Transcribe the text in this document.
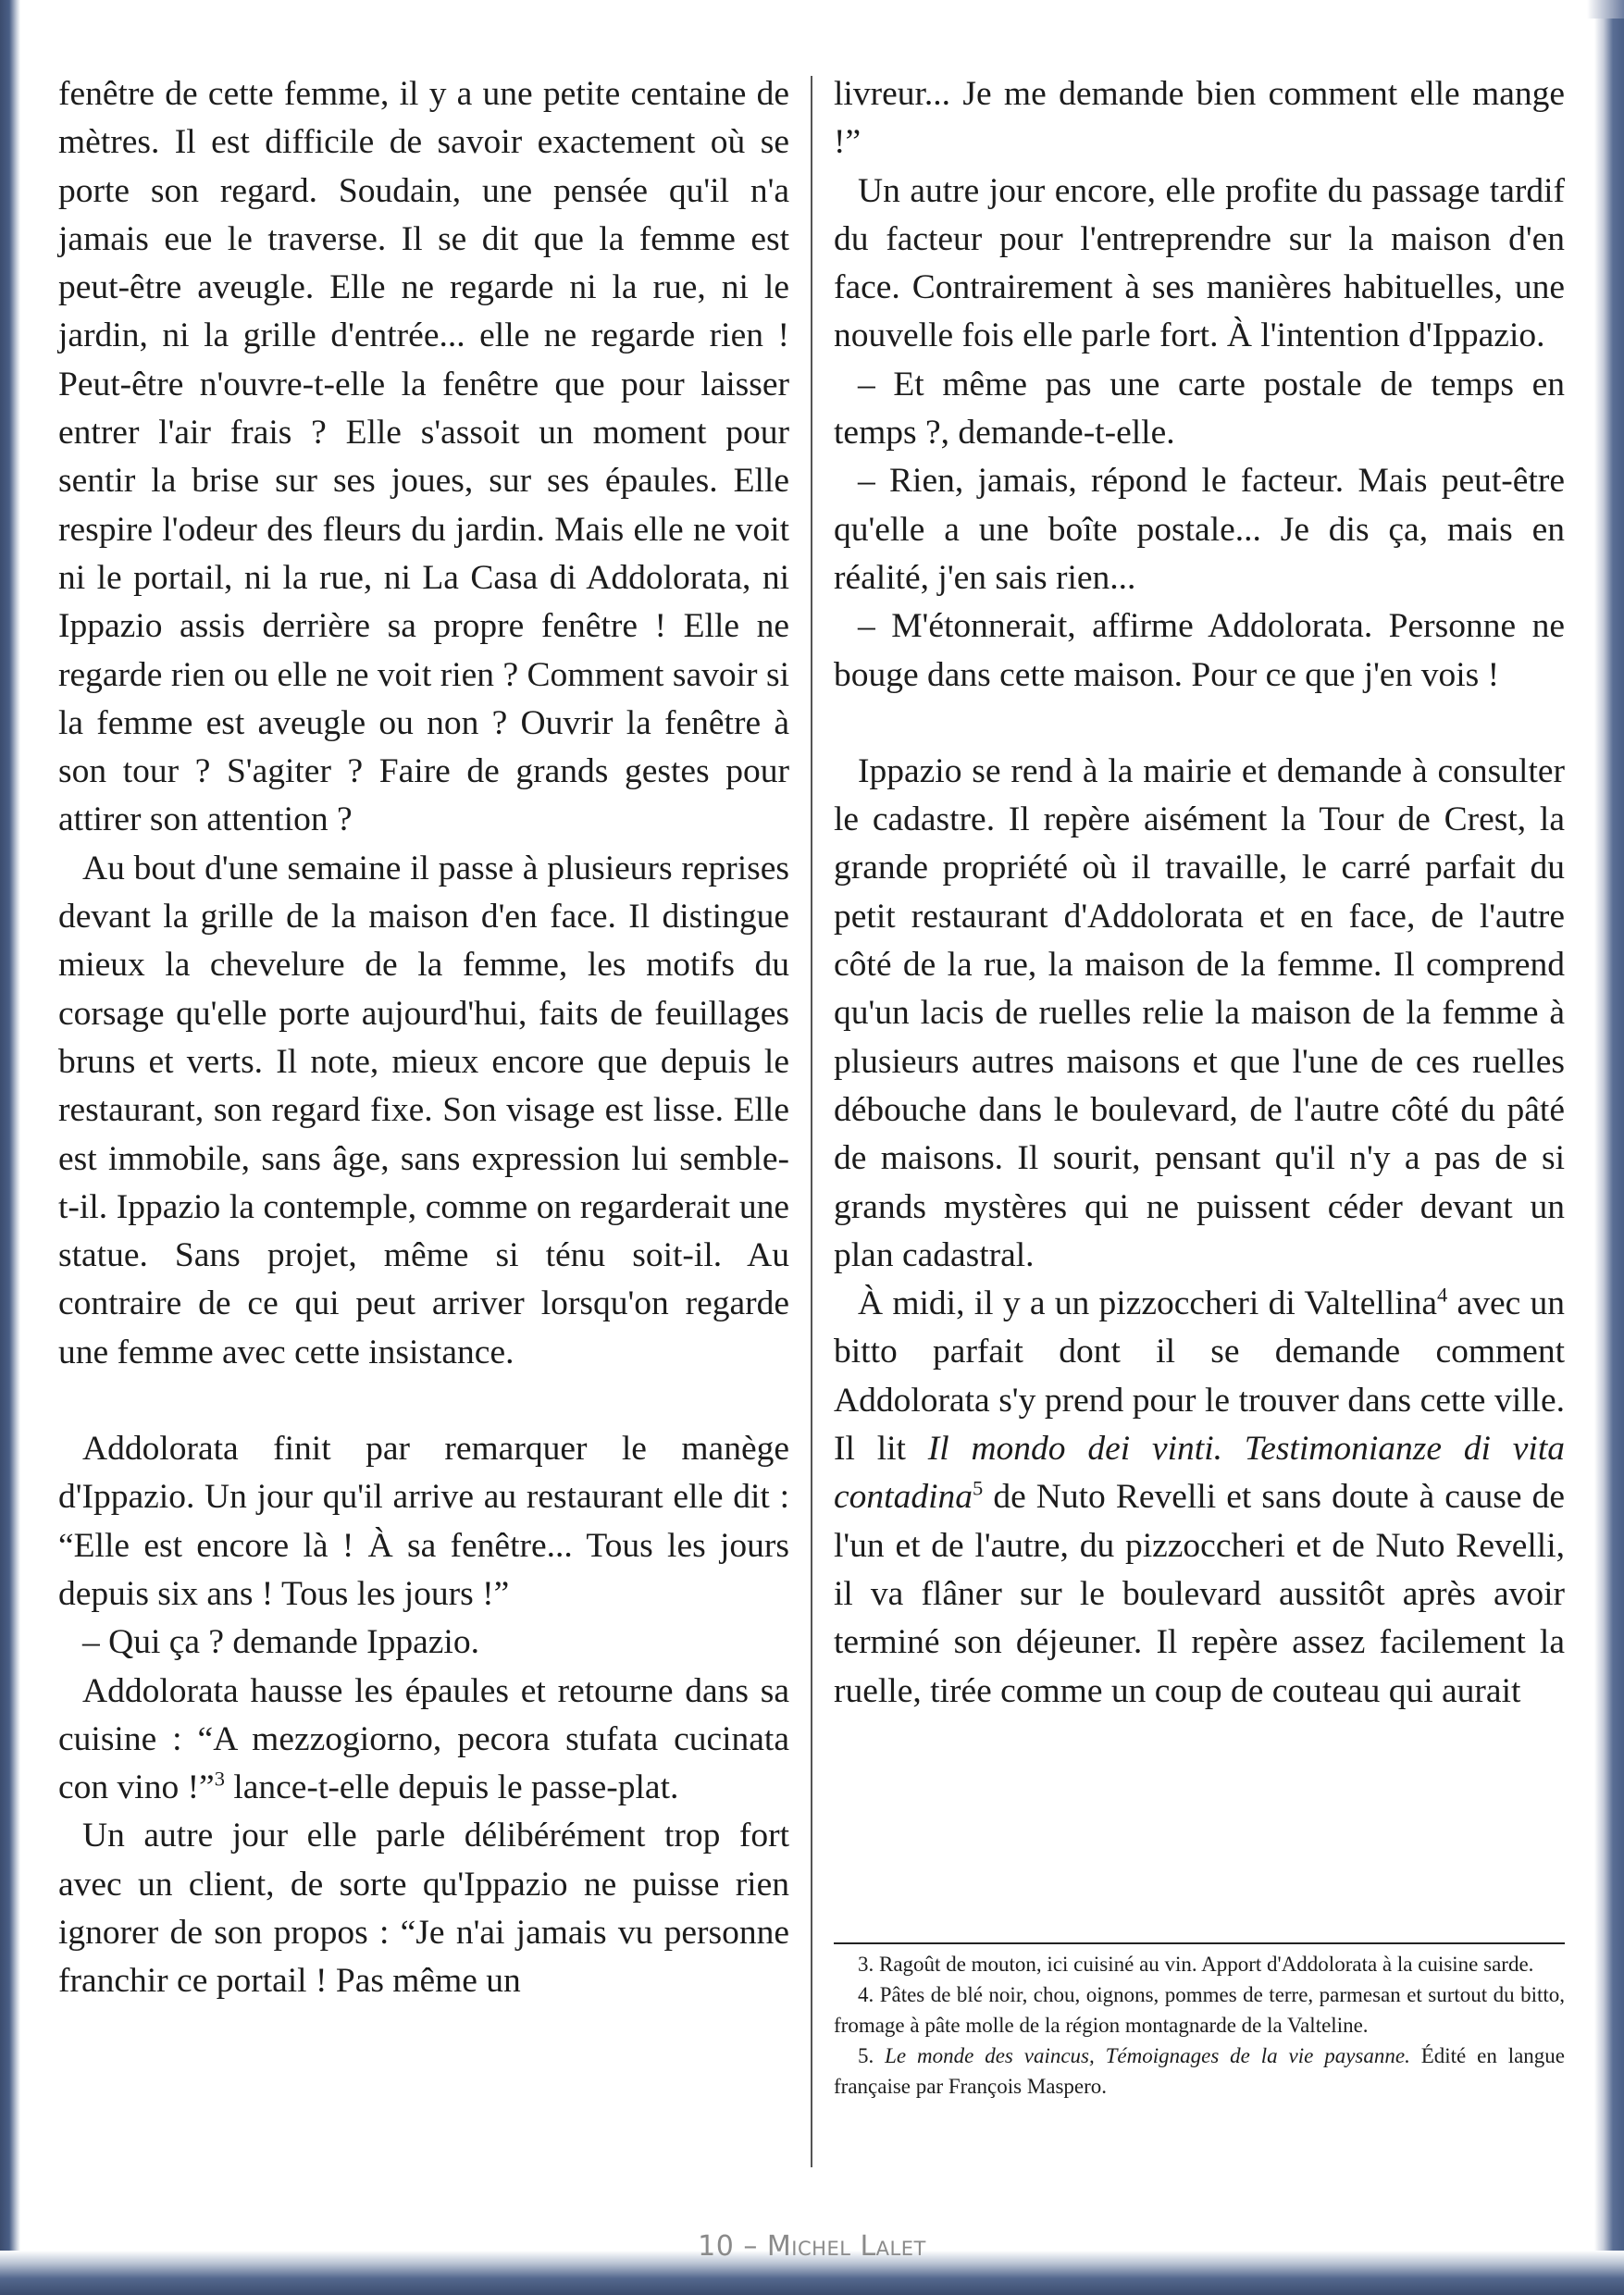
fenêtre de cette femme, il y a une petite centaine de mètres. Il est difficile de savoir exactement où se porte son regard. Soudain, une pensée qu'il n'a jamais eue le traverse. Il se dit que la femme est peut-être aveugle. Elle ne regarde ni la rue, ni le jardin, ni la grille d'entrée... elle ne regarde rien ! Peut-être n'ouvre-t-elle la fenêtre que pour laisser entrer l'air frais ? Elle s'assoit un moment pour sentir la brise sur ses joues, sur ses épaules. Elle respire l'odeur des fleurs du jardin. Mais elle ne voit ni le portail, ni la rue, ni La Casa di Addolorata, ni Ippazio assis derrière sa propre fenêtre ! Elle ne regarde rien ou elle ne voit rien ? Comment savoir si la femme est aveugle ou non ? Ouvrir la fenêtre à son tour ? S'agiter ? Faire de grands gestes pour attirer son attention ?

Au bout d'une semaine il passe à plusieurs reprises devant la grille de la maison d'en face. Il distingue mieux la chevelure de la femme, les motifs du corsage qu'elle porte aujourd'hui, faits de feuillages bruns et verts. Il note, mieux encore que depuis le restaurant, son regard fixe. Son visage est lisse. Elle est immobile, sans âge, sans expression lui semble-t-il. Ippazio la contemple, comme on regarderait une statue. Sans projet, même si ténu soit-il. Au contraire de ce qui peut arriver lorsqu'on regarde une femme avec cette insistance.

Addolorata finit par remarquer le manège d'Ippazio. Un jour qu'il arrive au restaurant elle dit : “Elle est encore là ! À sa fenêtre... Tous les jours depuis six ans ! Tous les jours !”

– Qui ça ? demande Ippazio.

Addolorata hausse les épaules et retourne dans sa cuisine : “A mezzogiorno, pecora stufata cucinata con vino !”$^3$ lance-t-elle depuis le passe-plat.

Un autre jour elle parle délibérément trop fort avec un client, de sorte qu'Ippazio ne puisse rien ignorer de son propos : “Je n'ai jamais vu personne franchir ce portail ! Pas même un

livreur... Je me demande bien comment elle mange !”

Un autre jour encore, elle profite du passage tardif du facteur pour l'entreprendre sur la maison d'en face. Contrairement à ses manières habituelles, une nouvelle fois elle parle fort. À l'intention d'Ippazio.

– Et même pas une carte postale de temps en temps ?, demande-t-elle.

– Rien, jamais, répond le facteur. Mais peut-être qu'elle a une boîte postale... Je dis ça, mais en réalité, j'en sais rien...

– M'étonnerait, affirme Addolorata. Personne ne bouge dans cette maison. Pour ce que j'en vois !

Ippazio se rend à la mairie et demande à consulter le cadastre. Il repère aisément la Tour de Crest, la grande propriété où il travaille, le carré parfait du petit restaurant d'Addolorata et en face, de l'autre côté de la rue, la maison de la femme. Il comprend qu'un lacis de ruelles relie la maison de la femme à plusieurs autres maisons et que l'une de ces ruelles débouche dans le boulevard, de l'autre côté du pâté de maisons. Il sourit, pensant qu'il n'y a pas de si grands mystères qui ne puissent céder devant un plan cadastral.

À midi, il y a un pizzoccheri di Valtellina$^4$ avec un bitto parfait dont il se demande comment Addolorata s'y prend pour le trouver dans cette ville. Il lit Il mondo dei vinti. Testimonianze di vita contadina$^5$ de Nuto Revelli et sans doute à cause de l'un et de l'autre, du pizzoccheri et de Nuto Revelli, il va flâner sur le boulevard aussitôt après avoir terminé son déjeuner. Il repère assez facilement la ruelle, tirée comme un coup de couteau qui aurait

3. Ragoût de mouton, ici cuisiné au vin. Apport d'Addolorata à la cuisine sarde.

4. Pâtes de blé noir, chou, oignons, pommes de terre, parmesan et surtout du bitto, fromage à pâte molle de la région montagnarde de la Valteline.

5. Le monde des vaincus, Témoignages de la vie paysanne. Édité en langue française par François Maspero.

10 – Michel Lalet
